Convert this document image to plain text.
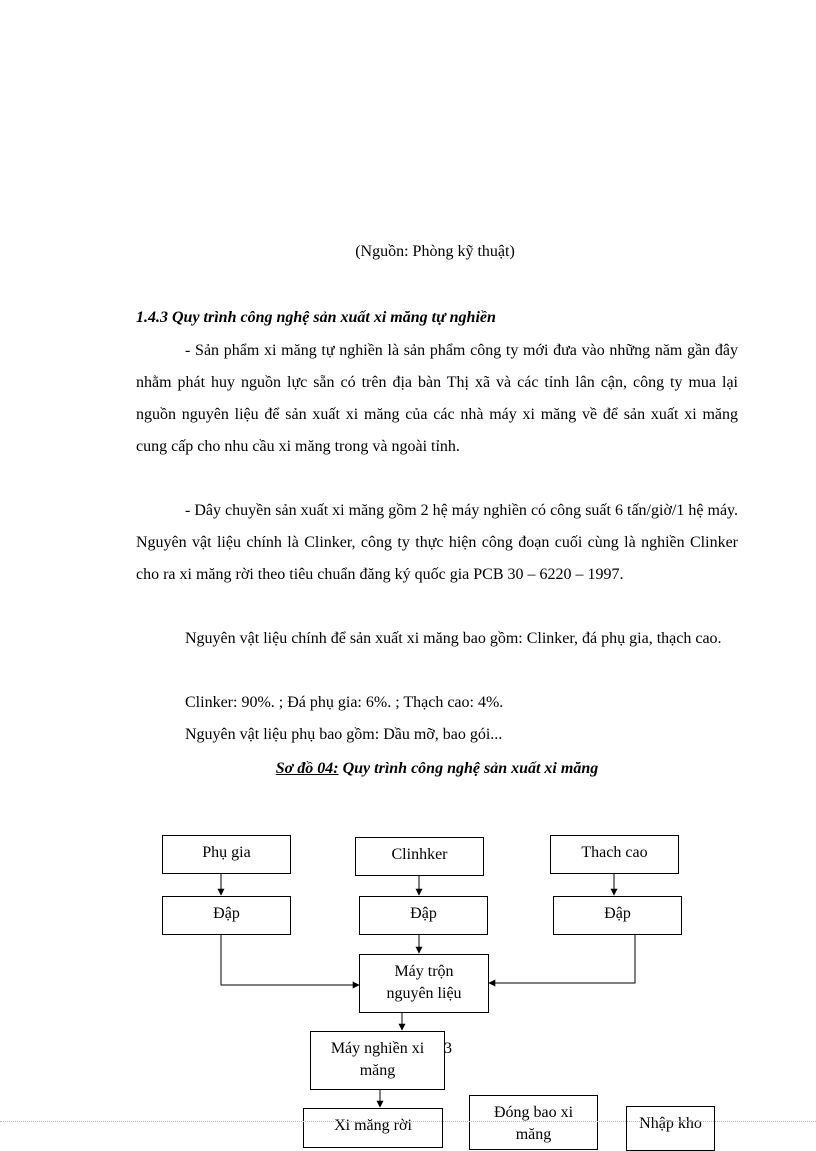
(Nguồn: Phòng kỹ thuật)
1.4.3 Quy trình công nghệ sản xuất xi măng tự nghiền
- Sản phẩm xi măng tự nghiền là sản phẩm công ty mới đưa vào những năm gần đây nhằm phát huy nguồn lực sẵn có trên địa bàn Thị xã và các tỉnh lân cận, công ty mua lại nguồn nguyên liệu để sản xuất xi măng của các nhà máy xi măng về để sản xuất xi măng cung cấp cho nhu cầu xi măng trong và ngoài tỉnh.
- Dây chuyền sản xuất xi măng gồm 2 hệ máy nghiền có công suất 6 tấn/giờ/1 hệ máy. Nguyên vật liệu chính là Clinker, công ty thực hiện công đoạn cuối cùng là nghiền Clinker cho ra xi măng rời theo tiêu chuẩn đăng ký quốc gia PCB 30 – 6220 – 1997.
Nguyên vật liệu chính để sản xuất xi măng bao gồm: Clinker, đá phụ gia, thạch cao.
Clinker: 90%. ; Đá phụ gia: 6%. ; Thạch cao: 4%.
Nguyên vật liệu phụ bao gồm: Dầu mỡ, bao gói...
Sơ đồ 04: Quy trình công nghệ sản xuất xi măng
Phụ gia	Clinhker	Thach cao
Đập	Đập	Đập
Máy trộn nguyên liệu
Máy nghiền xi măng
3
Xi măng rời
Đóng bao xi măng
Nhập kho
